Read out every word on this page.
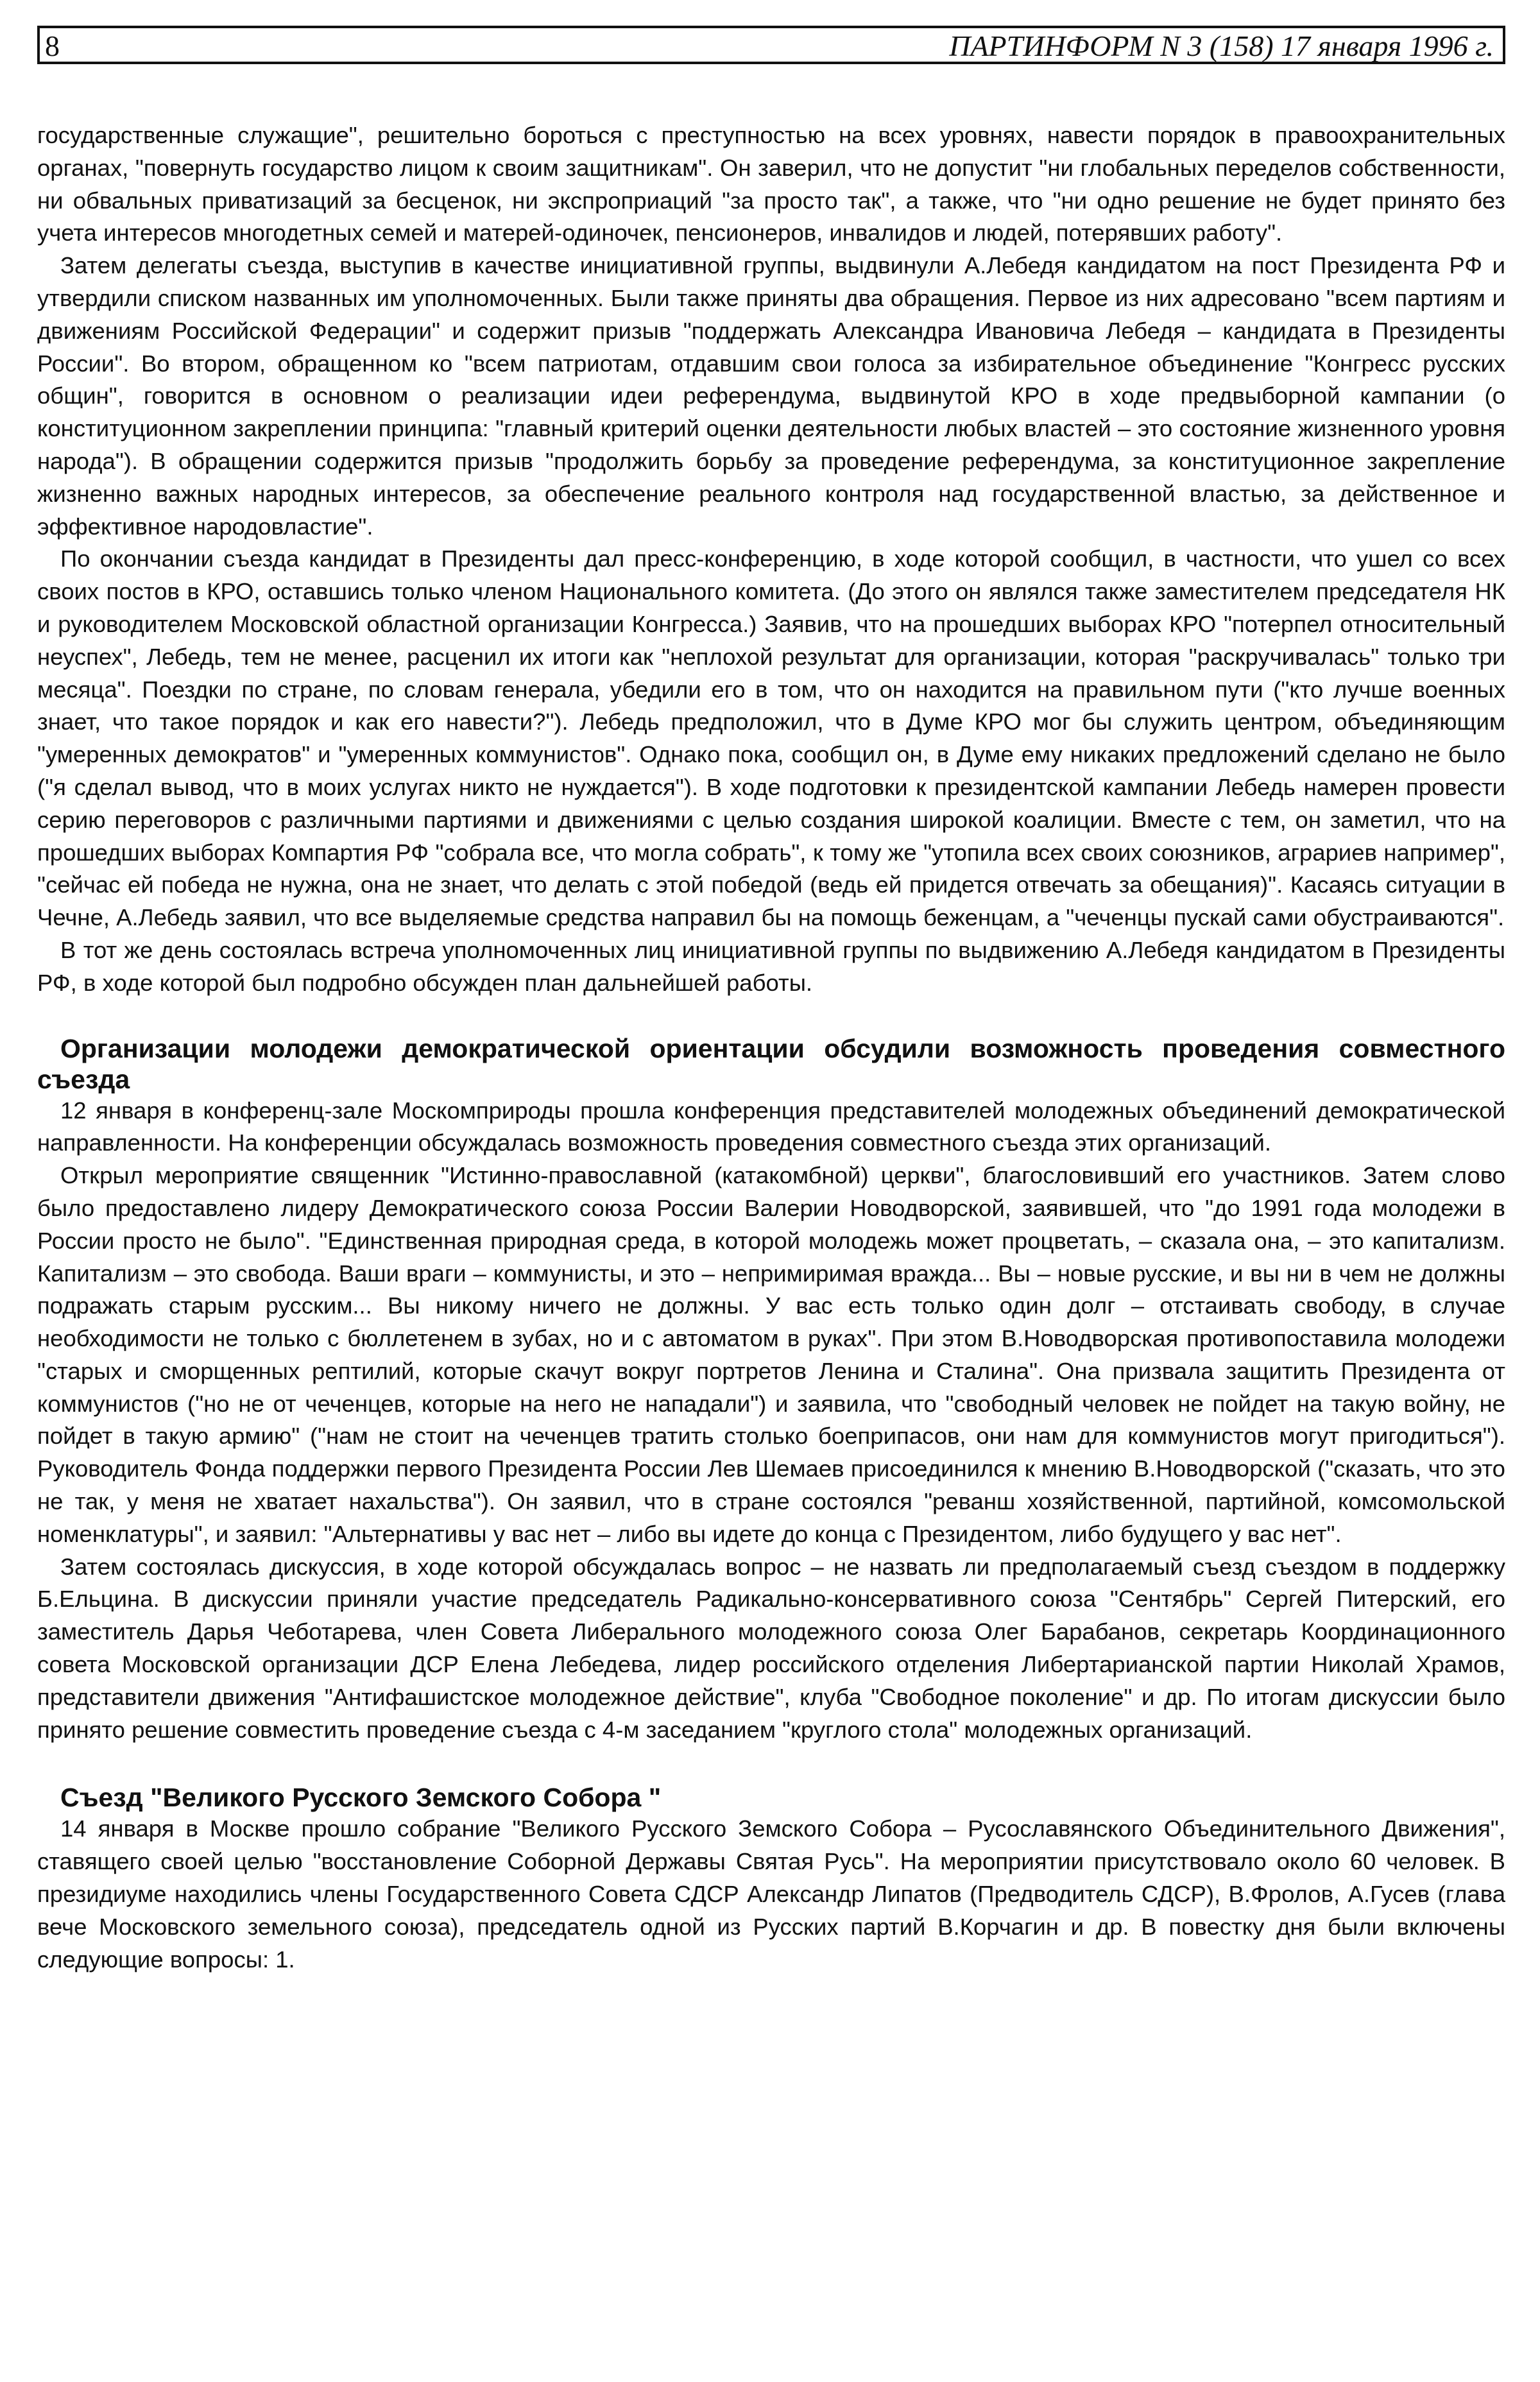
8	ПАРТИНФОРМ N 3 (158) 17 января 1996 г.

государственные служащие", решительно бороться с преступностью на всех уровнях, навести порядок в правоохранительных органах, "повернуть государство лицом к своим защитникам". Он заверил, что не допустит "ни глобальных переделов собственности, ни обвальных приватизаций за бесценок, ни экспроприаций "за просто так", а также, что "ни одно решение не будет принято без учета интересов многодетных семей и матерей-одиночек, пенсионеров, инвалидов и людей, потерявших работу".

Затем делегаты съезда, выступив в качестве инициативной группы, выдвинули А.Лебедя кандидатом на пост Президента РФ и утвердили списком названных им уполномоченных. Были также приняты два обращения. Первое из них адресовано "всем партиям и движениям Российской Федерации" и содержит призыв "поддержать Александра Ивановича Лебедя – кандидата в Президенты России". Во втором, обращенном ко "всем патриотам, отдавшим свои голоса за избирательное объединение "Конгресс русских общин", говорится в основном о реализации идеи референдума, выдвинутой КРО в ходе предвыборной кампании (о конституционном закреплении принципа: "главный критерий оценки деятельности любых властей – это состояние жизненного уровня народа"). В обращении содержится призыв "продолжить борьбу за проведение референдума, за конституционное закрепление жизненно важных народных интересов, за обеспечение реального контроля над государственной властью, за действенное и эффективное народовластие".

По окончании съезда кандидат в Президенты дал пресс-конференцию, в ходе которой сообщил, в частности, что ушел со всех своих постов в КРО, оставшись только членом Национального комитета. (До этого он являлся также заместителем председателя НК и руководителем Московской областной организации Конгресса.) Заявив, что на прошедших выборах КРО "потерпел относительный неуспех", Лебедь, тем не менее, расценил их итоги как "неплохой результат для организации, которая "раскручивалась" только три месяца". Поездки по стране, по словам генерала, убедили его в том, что он находится на правильном пути ("кто лучше военных знает, что такое порядок и как его навести?"). Лебедь предположил, что в Думе КРО мог бы служить центром, объединяющим "умеренных демократов" и "умеренных коммунистов". Однако пока, сообщил он, в Думе ему никаких предложений сделано не было ("я сделал вывод, что в моих услугах никто не нуждается"). В ходе подготовки к президентской кампании Лебедь намерен провести серию переговоров с различными партиями и движениями с целью создания широкой коалиции. Вместе с тем, он заметил, что на прошедших выборах Компартия РФ "собрала все, что могла собрать", к тому же "утопила всех своих союзников, аграриев например", "сейчас ей победа не нужна, она не знает, что делать с этой победой (ведь ей придется отвечать за обещания)". Касаясь ситуации в Чечне, А.Лебедь заявил, что все выделяемые средства направил бы на помощь беженцам, а "чеченцы пускай сами обустраиваются".

В тот же день состоялась встреча уполномоченных лиц инициативной группы по выдвижению А.Лебедя кандидатом в Президенты РФ, в ходе которой был подробно обсужден план дальнейшей работы.

Организации молодежи демократической ориентации обсудили возможность проведения совместного съезда

12 января в конференц-зале Москомприроды прошла конференция представителей молодежных объединений демократической направленности. На конференции обсуждалась возможность проведения совместного съезда этих организаций.

Открыл мероприятие священник "Истинно-православной (катакомбной) церкви", благословивший его участников. Затем слово было предоставлено лидеру Демократического союза России Валерии Новодворской, заявившей, что "до 1991 года молодежи в России просто не было". "Единственная природная среда, в которой молодежь может процветать, – сказала она, – это капитализм. Капитализм – это свобода. Ваши враги – коммунисты, и это – непримиримая вражда... Вы – новые русские, и вы ни в чем не должны подражать старым русским... Вы никому ничего не должны. У вас есть только один долг – отстаивать свободу, в случае необходимости не только с бюллетенем в зубах, но и с автоматом в руках". При этом В.Новодворская противопоставила молодежи "старых и сморщенных рептилий, которые скачут вокруг портретов Ленина и Сталина". Она призвала защитить Президента от коммунистов ("но не от чеченцев, которые на него не нападали") и заявила, что "свободный человек не пойдет на такую войну, не пойдет в такую армию" ("нам не стоит на чеченцев тратить столько боеприпасов, они нам для коммунистов могут пригодиться"). Руководитель Фонда поддержки первого Президента России Лев Шемаев присоединился к мнению В.Новодворской ("сказать, что это не так, у меня не хватает нахальства"). Он заявил, что в стране состоялся "реванш хозяйственной, партийной, комсомольской номенклатуры", и заявил: "Альтернативы у вас нет – либо вы идете до конца с Президентом, либо будущего у вас нет".

Затем состоялась дискуссия, в ходе которой обсуждалась вопрос – не назвать ли предполагаемый съезд съездом в поддержку Б.Ельцина. В дискуссии приняли участие председатель Радикально-консервативного союза "Сентябрь" Сергей Питерский, его заместитель Дарья Чеботарева, член Совета Либерального молодежного союза Олег Барабанов, секретарь Координационного совета Московской организации ДСР Елена Лебедева, лидер российского отделения Либертарианской партии Николай Храмов, представители движения "Антифашистское молодежное действие", клуба "Свободное поколение" и др. По итогам дискуссии было принято решение совместить проведение съезда с 4-м заседанием "круглого стола" молодежных организаций.

Съезд "Великого Русского Земского Собора "

14 января в Москве прошло собрание "Великого Русского Земского Собора – Русославянского Объединительного Движения", ставящего своей целью "восстановление Соборной Державы Святая Русь". На мероприятии присутствовало около 60 человек. В президиуме находились члены Государственного Совета СДСР Александр Липатов (Предводитель СДСР), В.Фролов, А.Гусев (глава вече Московского земельного союза), председатель одной из Русских партий В.Корчагин и др. В повестку дня были включены следующие вопросы: 1.
